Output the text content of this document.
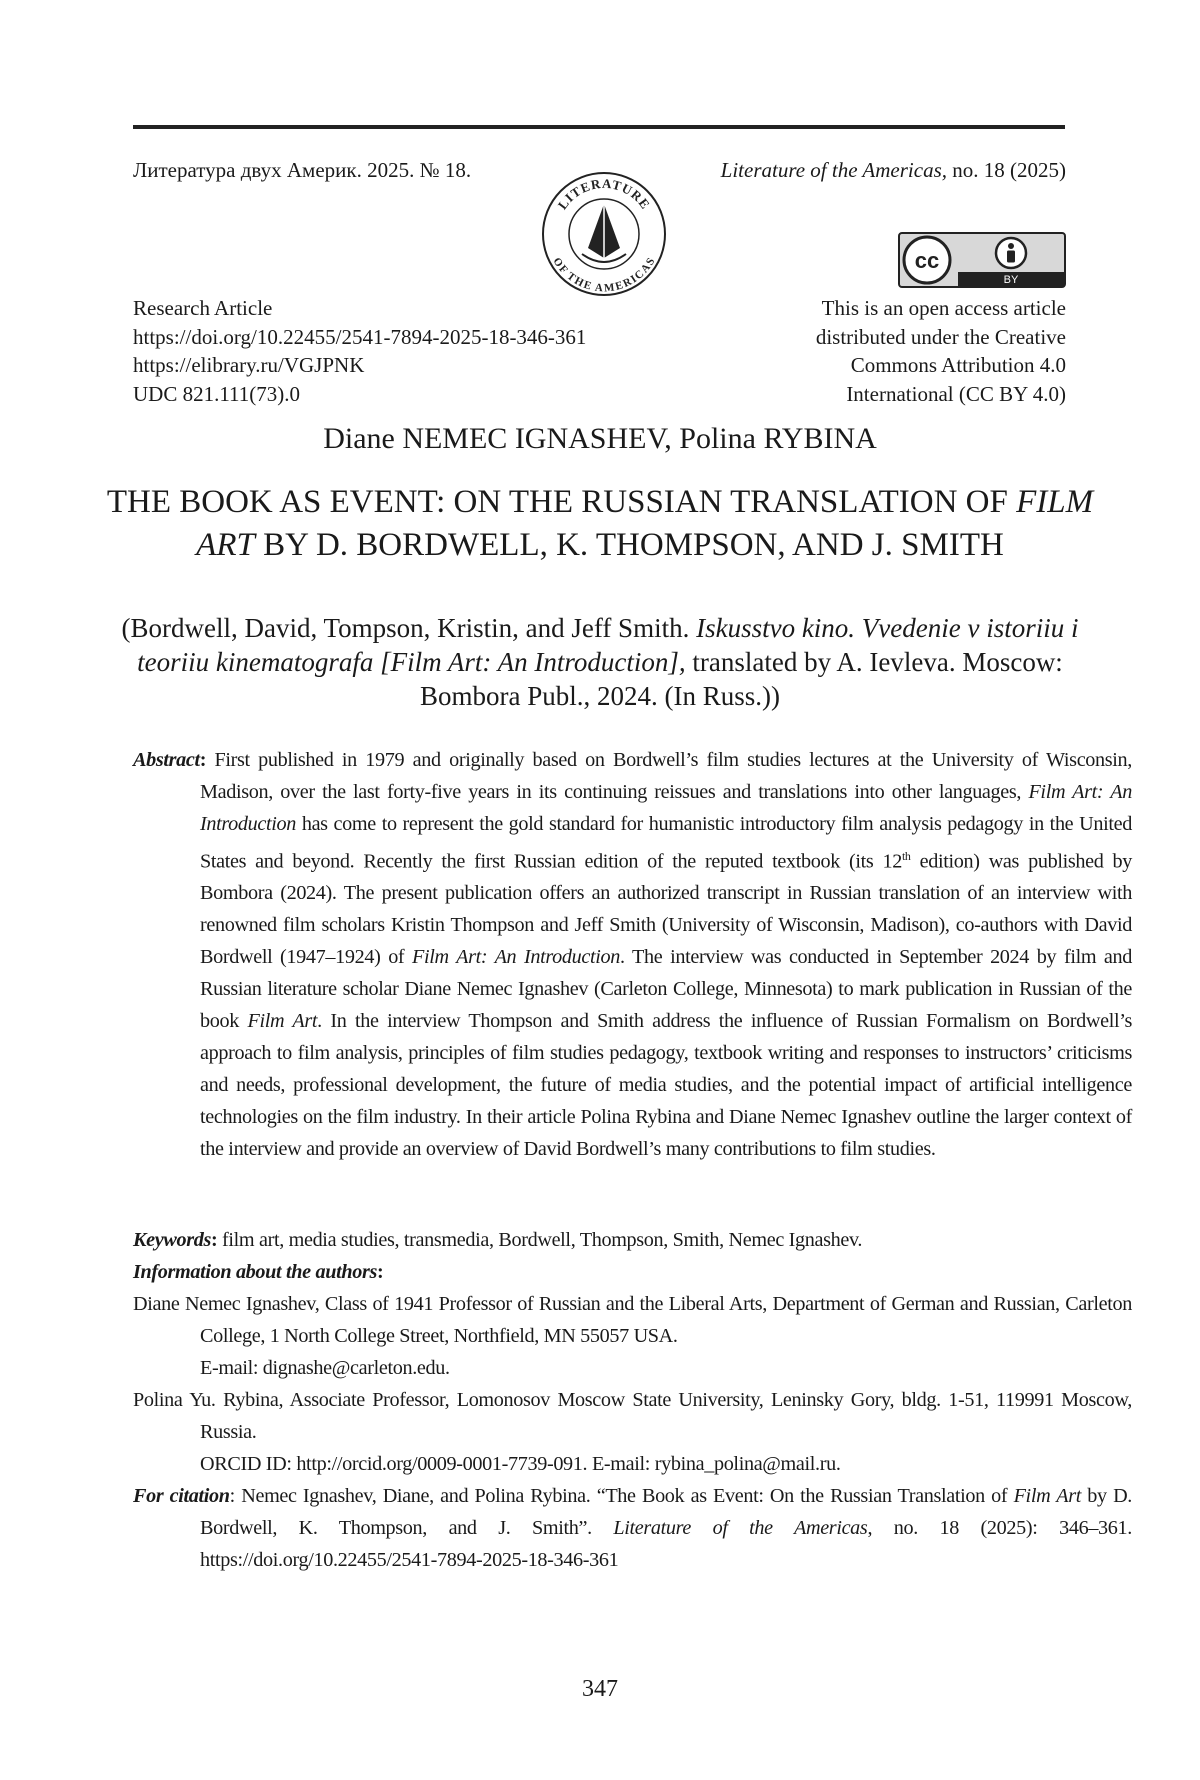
Литература двух Америк. 2025. № 18.	Literature of the Americas, no. 18 (2025)
LITERATURE
OF THE AMERICAS	cc
BY
Research Article
https://doi.org/10.22455/2541-7894-2025-18-346-361
https://elibrary.ru/VGJPNK
UDC 821.111(73).0
This is an open access article
distributed under the Creative
Commons Attribution 4.0
International (CC BY 4.0)
Diane NEMEC IGNASHEV, Polina RYBINA
THE BOOK AS EVENT: ON THE RUSSIAN TRANSLATION OF FILM ART BY D. BORDWELL, K. THOMPSON, AND J. SMITH
(Bordwell, David, Tompson, Kristin, and Jeff Smith. Iskusstvo kino. Vvedenie v istoriiu i teoriiu kinematografa [Film Art: An Introduction], translated by A. Ievleva. Moscow: Bombora Publ., 2024. (In Russ.))
Abstract: First published in 1979 and originally based on Bordwell’s film studies lectures at the University of Wisconsin, Madison, over the last forty-five years in its continuing reissues and translations into other languages, Film Art: An Introduction has come to represent the gold standard for humanistic introductory film analysis pedagogy in the United States and beyond. Recently the first Russian edition of the reputed textbook (its 12th edition) was published by Bombora (2024). The present publication offers an authorized transcript in Russian translation of an interview with renowned film scholars Kristin Thompson and Jeff Smith (University of Wisconsin, Madison), co-authors with David Bordwell (1947–1924) of Film Art: An Introduction. The interview was conducted in September 2024 by film and Russian literature scholar Diane Nemec Ignashev (Carleton College, Minnesota) to mark publication in Russian of the book Film Art. In the interview Thompson and Smith address the influence of Russian Formalism on Bordwell’s approach to film analysis, principles of film studies pedagogy, textbook writing and responses to instructors’ criticisms and needs, professional development, the future of media studies, and the potential impact of artificial intelligence technologies on the film industry. In their article Polina Rybina and Diane Nemec Ignashev outline the larger context of the interview and provide an overview of David Bordwell’s many contributions to film studies.
Keywords: film art, media studies, transmedia, Bordwell, Thompson, Smith, Nemec Ignashev.
Information about the authors:
Diane Nemec Ignashev, Class of 1941 Professor of Russian and the Liberal Arts, Department of German and Russian, Carleton College, 1 North College Street, Northfield, MN 55057 USA.
E-mail: dignashe@carleton.edu.
Polina Yu. Rybina, Associate Professor, Lomonosov Moscow State University, Leninsky Gory, bldg. 1-51, 119991 Moscow, Russia.
ORCID ID: http://orcid.org/0009-0001-7739-091. E-mail: rybina_polina@mail.ru.
For citation: Nemec Ignashev, Diane, and Polina Rybina. “The Book as Event: On the Russian Translation of Film Art by D. Bordwell, K. Thompson, and J. Smith”. Literature of the Americas, no. 18 (2025): 346–361. https://doi.org/10.22455/2541-7894-2025-18-346-361
347
